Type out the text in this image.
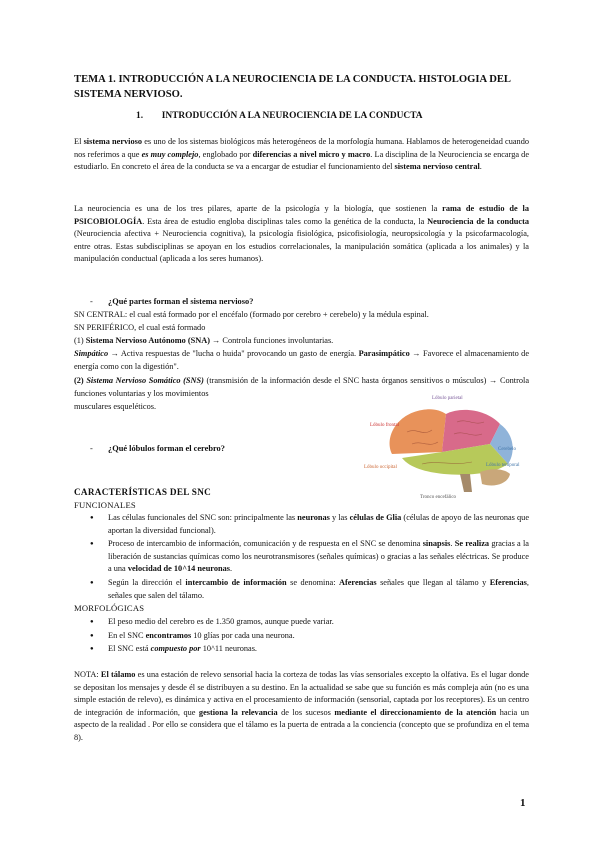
TEMA 1. INTRODUCCIÓN A LA NEUROCIENCIA DE LA CONDUCTA. HISTOLOGIA DEL SISTEMA NERVIOSO.
1. INTRODUCCIÓN A LA NEUROCIENCIA DE LA CONDUCTA
El sistema nervioso es uno de los sistemas biológicos más heterogéneos de la morfología humana. Hablamos de heterogeneidad cuando nos referimos a que es muy complejo, englobado por diferencias a nivel micro y macro. La disciplina de la Neurociencia se encarga de estudiarlo. En concreto el área de la conducta se va a encargar de estudiar el funcionamiento del sistema nervioso central.
La neurociencia es una de los tres pilares, aparte de la psicología y la biología, que sostienen la rama de estudio de la PSICOBIOLOGÍA. Esta área de estudio engloba disciplinas tales como la genética de la conducta, la Neurociencia de la conducta (Neurociencia afectiva + Neurociencia cognitiva), la psicología fisiológica, psicofisiología, neuropsicología y la psicofarmacología, entre otras. Estas subdisciplinas se apoyan en los estudios correlacionales, la manipulación somática (aplicada a los animales) y la manipulación conductual (aplicada a los seres humanos).
- ¿Qué partes forman el sistema nervioso?
SN CENTRAL: el cual está formado por el encéfalo (formado por cerebro + cerebelo) y la médula espinal.
SN PERIFÉRICO, el cual está formado
(1) Sistema Nervioso Autónomo (SNA) → Controla funciones involuntarias.
Simpático → Activa respuestas de "lucha o huida" provocando un gasto de energía. Parasimpático → Favorece el almacenamiento de energía como con la digestión".
(2) Sistema Nervioso Somático (SNS) (transmisión de la información desde el SNC hasta órganos sensitivos o músculos) → Controla funciones voluntarias y los movimientos
musculares esqueléticos.
- ¿Qué lóbulos forman el cerebro?
Lóbulo parietal
Lóbulo frontal
Lóbulo occipital	Lóbulo temporal
Cerebelo
Tronco encefálico
CARACTERÍSTICAS DEL SNC
FUNCIONALES
● Las células funcionales del SNC son: principalmente las neuronas y las células de Glia (células de apoyo de las neuronas que aportan la diversidad funcional).
● Proceso de intercambio de información, comunicación y de respuesta en el SNC se denomina sinapsis. Se realiza gracias a la liberación de sustancias químicas como los neurotransmisores (señales químicas) o gracias a las señales eléctricas. Se produce a una velocidad de 10^14 neuronas.
● Según la dirección el intercambio de información se denomina: Aferencias señales que llegan al tálamo y Eferencias, señales que salen del tálamo.
MORFOLÓGICAS
● El peso medio del cerebro es de 1.350 gramos, aunque puede variar.
● En el SNC encontramos 10 glías por cada una neurona.
● El SNC está compuesto por 10^11 neuronas.
NOTA: El tálamo es una estación de relevo sensorial hacia la corteza de todas las vías sensoriales excepto la olfativa. Es el lugar donde se depositan los mensajes y desde él se distribuyen a su destino. En la actualidad se sabe que su función es más compleja aún (no es una simple estación de relevo), es dinámica y activa en el procesamiento de información (sensorial, captada por los receptores). Es un centro de integración de información, que gestiona la relevancia de los sucesos mediante el direccionamiento de la atención hacia un aspecto de la realidad . Por ello se considera que el tálamo es la puerta de entrada a la conciencia (concepto que se profundiza en el tema 8).
1
